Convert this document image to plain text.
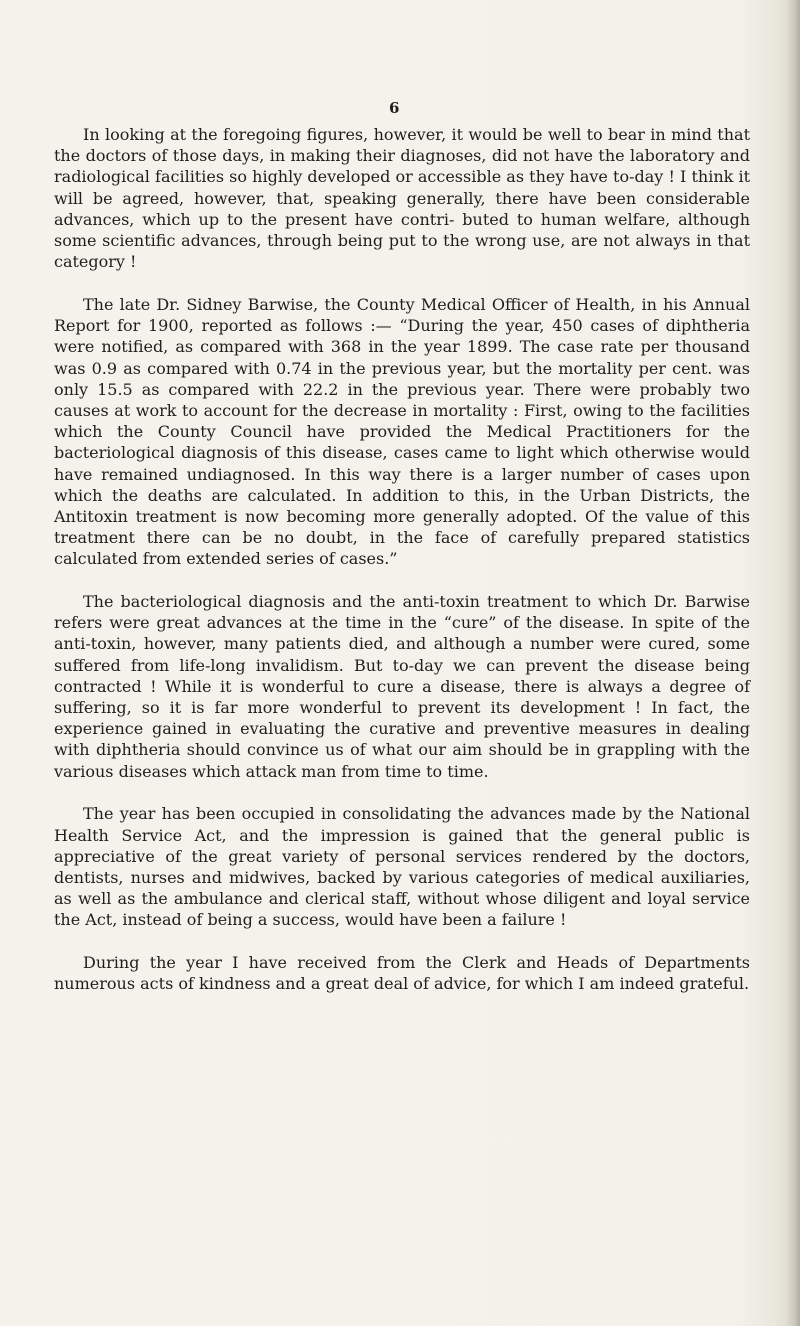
6

In looking at the foregoing figures, however, it would be well to bear in mind that the doctors of those days, in making their diagnoses, did not have the laboratory and radiological facilities so highly developed or accessible as they have to-day ! I think it will be agreed, however, that, speaking generally, there have been considerable advances, which up to the present have contri- buted to human welfare, although some scientific advances, through being put to the wrong use, are not always in that category !

The late Dr. Sidney Barwise, the County Medical Officer of Health, in his Annual Report for 1900, reported as follows :— “During the year, 450 cases of diphtheria were notified, as compared with 368 in the year 1899. The case rate per thousand was 0.9 as compared with 0.74 in the previous year, but the mortality per cent. was only 15.5 as compared with 22.2 in the previous year. There were probably two causes at work to account for the decrease in mortality : First, owing to the facilities which the County Council have provided the Medical Practitioners for the bacteriological diagnosis of this disease, cases came to light which otherwise would have remained undiagnosed. In this way there is a larger number of cases upon which the deaths are calculated. In addition to this, in the Urban Districts, the Antitoxin treatment is now becoming more generally adopted. Of the value of this treatment there can be no doubt, in the face of carefully prepared statistics calculated from extended series of cases.”

The bacteriological diagnosis and the anti-toxin treatment to which Dr. Barwise refers were great advances at the time in the “cure” of the disease. In spite of the anti-toxin, however, many patients died, and although a number were cured, some suffered from life-long invalidism. But to-day we can prevent the disease being contracted ! While it is wonderful to cure a disease, there is always a degree of suffering, so it is far more wonderful to prevent its development ! In fact, the experience gained in evaluating the curative and preventive measures in dealing with diphtheria should convince us of what our aim should be in grappling with the various diseases which attack man from time to time.

The year has been occupied in consolidating the advances made by the National Health Service Act, and the impression is gained that the general public is appreciative of the great variety of personal services rendered by the doctors, dentists, nurses and midwives, backed by various categories of medical auxiliaries, as well as the ambulance and clerical staff, without whose diligent and loyal service the Act, instead of being a success, would have been a failure !

During the year I have received from the Clerk and Heads of Departments numerous acts of kindness and a great deal of advice, for which I am indeed grateful.
